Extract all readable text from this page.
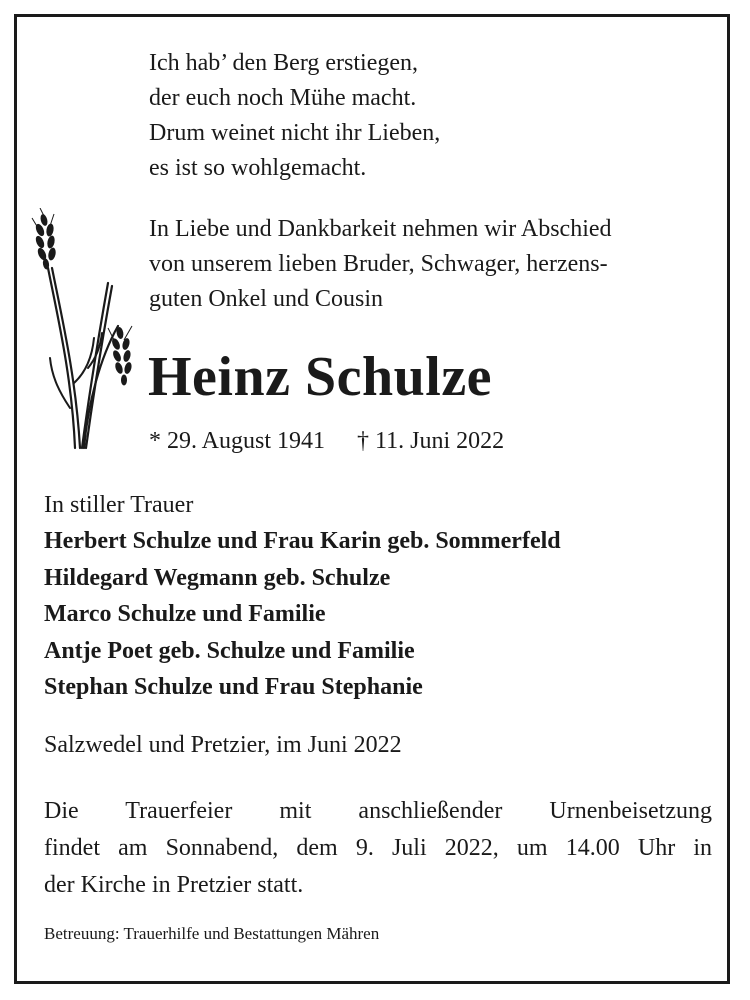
Ich hab’ den Berg erstiegen,
der euch noch Mühe macht.
Drum weinet nicht ihr Lieben,
es ist so wohlgemacht.
In Liebe und Dankbarkeit nehmen wir Abschied
von unserem lieben Bruder, Schwager, herzens-
guten Onkel und Cousin
Heinz Schulze
* 29. August 1941 † 11. Juni 2022
In stiller Trauer
Herbert Schulze und Frau Karin geb. Sommerfeld
Hildegard Wegmann geb. Schulze
Marco Schulze und Familie
Antje Poet geb. Schulze und Familie
Stephan Schulze und Frau Stephanie
Salzwedel und Pretzier, im Juni 2022
Die Trauerfeier mit anschließender Urnenbeisetzung
findet am Sonnabend, dem 9. Juli 2022, um 14.00 Uhr in
der Kirche in Pretzier statt.
Betreuung: Trauerhilfe und Bestattungen Mähren
